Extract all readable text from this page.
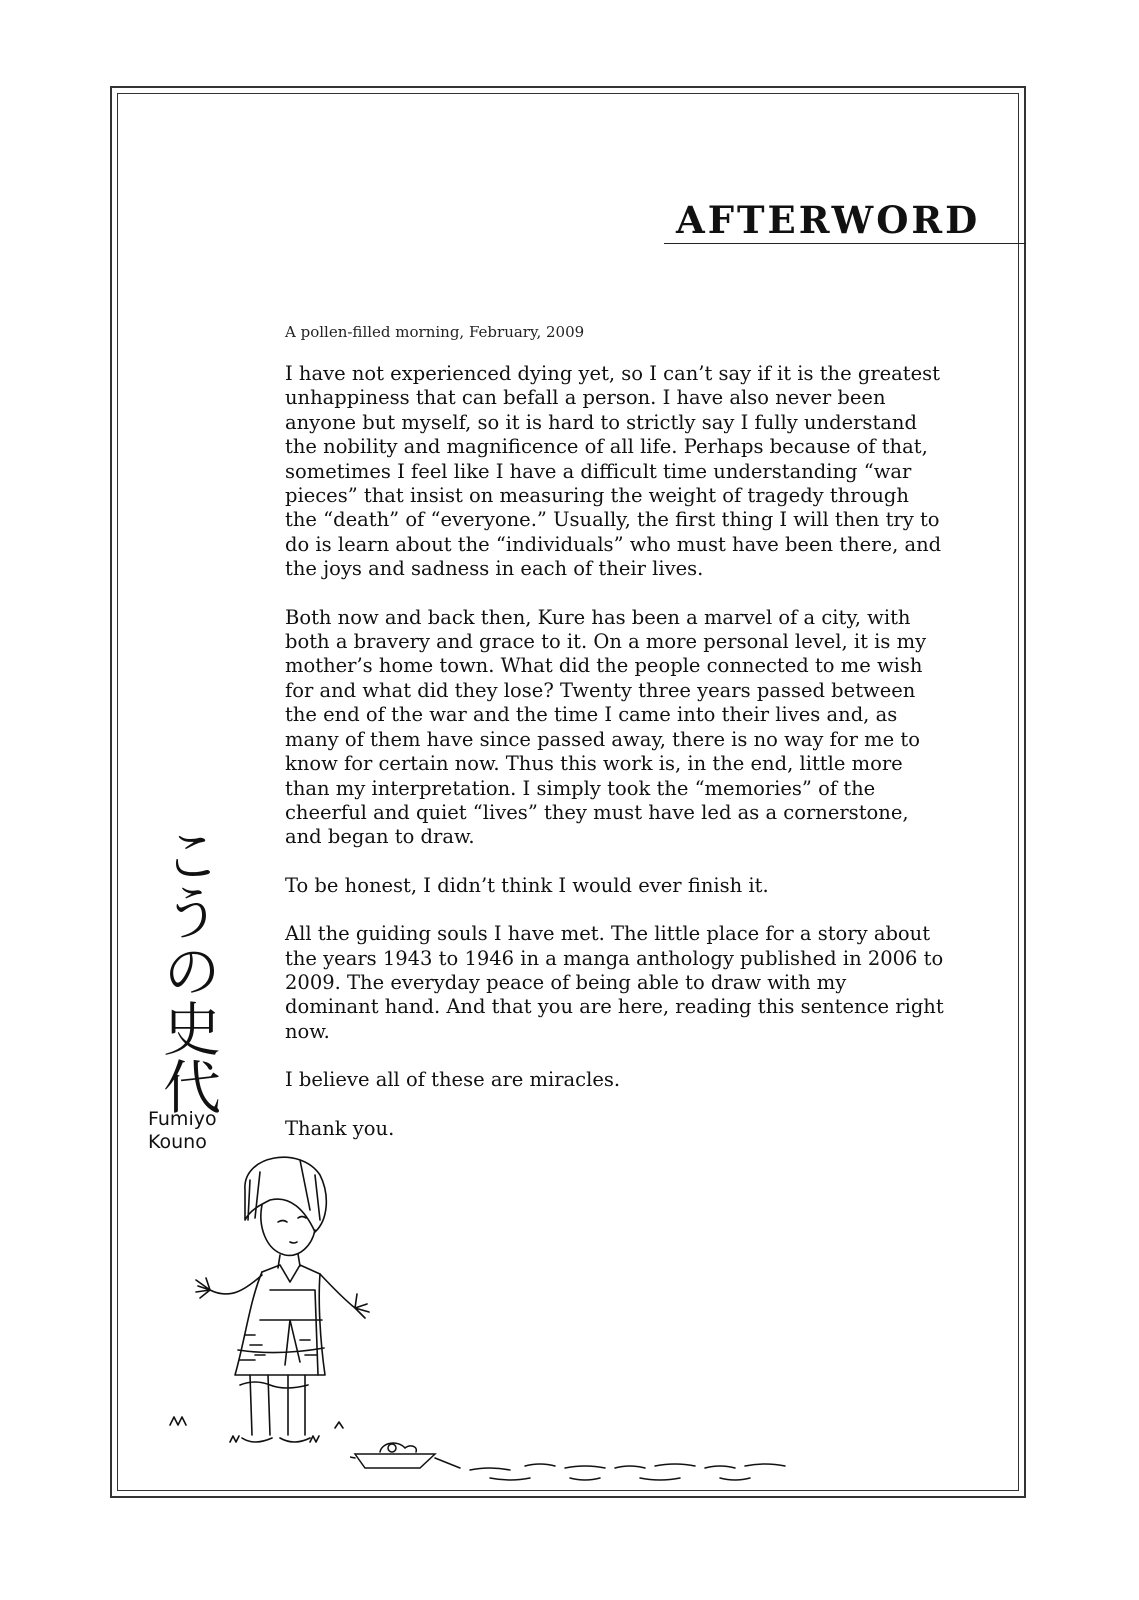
AFTERWORD
A pollen-filled morning, February, 2009

I have not experienced dying yet, so I can’t say if it is the greatest unhappiness that can befall a person. I have also never been anyone but myself, so it is hard to strictly say I fully understand the nobility and magnificence of all life. Perhaps because of that, sometimes I feel like I have a difficult time understanding “war pieces” that insist on measuring the weight of tragedy through the “death” of “everyone.” Usually, the first thing I will then try to do is learn about the “individuals” who must have been there, and the joys and sadness in each of their lives.

Both now and back then, Kure has been a marvel of a city, with both a bravery and grace to it. On a more personal level, it is my mother’s home town. What did the people connected to me wish for and what did they lose? Twenty three years passed between the end of the war and the time I came into their lives and, as many of them have since passed away, there is no way for me to know for certain now. Thus this work is, in the end, little more than my interpretation. I simply took the “memories” of the cheerful and quiet “lives” they must have led as a cornerstone, and began to draw.

To be honest, I didn’t think I would ever finish it.

All the guiding souls I have met. The little place for a story about the years 1943 to 1946 in a manga anthology published in 2006 to 2009. The everyday peace of being able to draw with my dominant hand. And that you are here, reading this sentence right now.

I believe all of these are miracles.

Thank you.

こうの史代
Fumiyo
Kouno
